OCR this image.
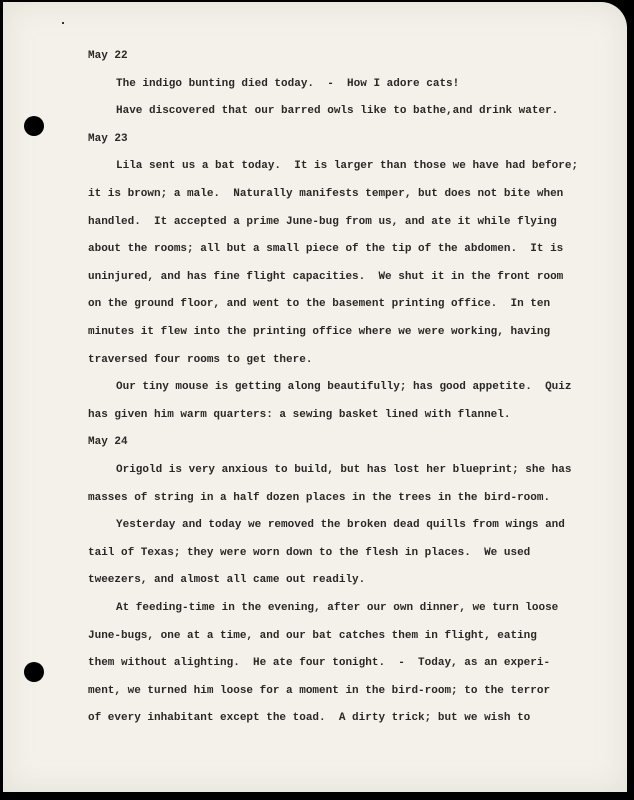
May 22
The indigo bunting died today.  -  How I adore cats!
Have discovered that our barred owls like to bathe,and drink water.
May 23
Lila sent us a bat today.  It is larger than those we have had before;
it is brown; a male.  Naturally manifests temper, but does not bite when
handled.  It accepted a prime June-bug from us, and ate it while flying
about the rooms; all but a small piece of the tip of the abdomen.  It is
uninjured, and has fine flight capacities.  We shut it in the front room
on the ground floor, and went to the basement printing office.  In ten
minutes it flew into the printing office where we were working, having
traversed four rooms to get there.
Our tiny mouse is getting along beautifully; has good appetite.  Quiz
has given him warm quarters: a sewing basket lined with flannel.
May 24
Origold is very anxious to build, but has lost her blueprint; she has
masses of string in a half dozen places in the trees in the bird-room.
Yesterday and today we removed the broken dead quills from wings and
tail of Texas; they were worn down to the flesh in places.  We used
tweezers, and almost all came out readily.
At feeding-time in the evening, after our own dinner, we turn loose
June-bugs, one at a time, and our bat catches them in flight, eating
them without alighting.  He ate four tonight.  -  Today, as an experi-
ment, we turned him loose for a moment in the bird-room; to the terror
of every inhabitant except the toad.  A dirty trick; but we wish to
